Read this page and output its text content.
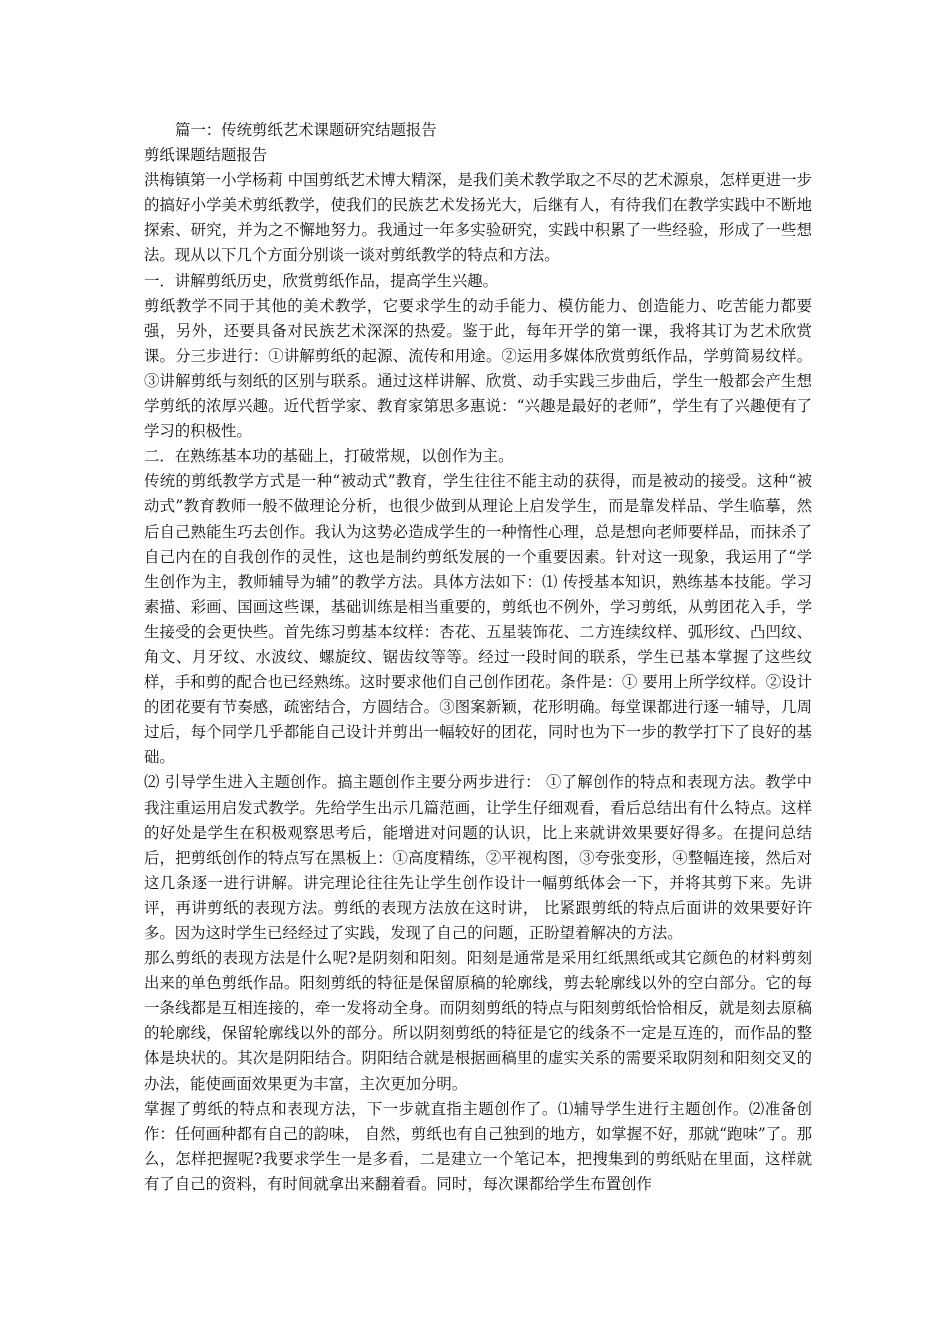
篇一：传统剪纸艺术课题研究结题报告

剪纸课题结题报告

洪梅镇第一小学杨莉 中国剪纸艺术博大精深，是我们美术教学取之不尽的艺术源泉，怎样更进一步的搞好小学美术剪纸教学，使我们的民族艺术发扬光大，后继有人，有待我们在教学实践中不断地探索、研究，并为之不懈地努力。我通过一年多实验研究，实践中积累了一些经验，形成了一些想法。现从以下几个方面分别谈一谈对剪纸教学的特点和方法。

一．讲解剪纸历史，欣赏剪纸作品，提高学生兴趣。

剪纸教学不同于其他的美术教学，它要求学生的动手能力、模仿能力、创造能力、吃苦能力都要强，另外，还要具备对民族艺术深深的热爱。鉴于此，每年开学的第一课，我将其订为艺术欣赏课。分三步进行：①讲解剪纸的起源、流传和用途。②运用多媒体欣赏剪纸作品，学剪简易纹样。③讲解剪纸与刻纸的区别与联系。通过这样讲解、欣赏、动手实践三步曲后，学生一般都会产生想学剪纸的浓厚兴趣。近代哲学家、教育家第思多惠说：“兴趣是最好的老师”，学生有了兴趣便有了学习的积极性。

二．在熟练基本功的基础上，打破常规，以创作为主。

传统的剪纸教学方式是一种“被动式”教育，学生往往不能主动的获得，而是被动的接受。这种“被动式”教育教师一般不做理论分析，也很少做到从理论上启发学生，而是靠发样品、学生临摹，然后自己熟能生巧去创作。我认为这势必造成学生的一种惰性心理，总是想向老师要样品，而抹杀了自己内在的自我创作的灵性，这也是制约剪纸发展的一个重要因素。针对这一现象，我运用了“学生创作为主，教师辅导为辅”的教学方法。具体方法如下：⑴ 传授基本知识，熟练基本技能。学习素描、彩画、国画这些课，基础训练是相当重要的，剪纸也不例外，学习剪纸，从剪团花入手，学生接受的会更快些。首先练习剪基本纹样：杏花、五星装饰花、二方连续纹样、弧形纹、凸凹纹、角文、月牙纹、水波纹、螺旋纹、锯齿纹等等。经过一段时间的联系，学生已基本掌握了这些纹样，手和剪的配合也已经熟练。这时要求他们自己创作团花。条件是：① 要用上所学纹样。②设计的团花要有节奏感，疏密结合，方圆结合。③图案新颖，花形明确。每堂课都进行逐一辅导，几周过后，每个同学几乎都能自己设计并剪出一幅较好的团花，同时也为下一步的教学打下了良好的基础。

⑵ 引导学生进入主题创作。搞主题创作主要分两步进行： ①了解创作的特点和表现方法。教学中我注重运用启发式教学。先给学生出示几篇范画，让学生仔细观看，看后总结出有什么特点。这样的好处是学生在积极观察思考后，能增进对问题的认识，比上来就讲效果要好得多。在提问总结后，把剪纸创作的特点写在黑板上：①高度精练，②平视构图，③夸张变形，④整幅连接，然后对这几条逐一进行讲解。讲完理论往往先让学生创作设计一幅剪纸体会一下，并将其剪下来。先讲评，再讲剪纸的表现方法。剪纸的表现方法放在这时讲， 比紧跟剪纸的特点后面讲的效果要好许多。因为这时学生已经经过了实践，发现了自己的问题，正盼望着解决的方法。

那么剪纸的表现方法是什么呢?是阴刻和阳刻。阳刻是通常是采用红纸黑纸或其它颜色的材料剪刻出来的单色剪纸作品。阳刻剪纸的特征是保留原稿的轮廓线，剪去轮廓线以外的空白部分。它的每一条线都是互相连接的，牵一发将动全身。而阴刻剪纸的特点与阳刻剪纸恰恰相反，就是刻去原稿的轮廓线，保留轮廓线以外的部分。所以阴刻剪纸的特征是它的线条不一定是互连的，而作品的整体是块状的。其次是阴阳结合。阴阳结合就是根据画稿里的虚实关系的需要采取阴刻和阳刻交叉的办法，能使画面效果更为丰富，主次更加分明。

掌握了剪纸的特点和表现方法，下一步就直指主题创作了。⑴辅导学生进行主题创作。⑵准备创作：任何画种都有自己的韵味， 自然，剪纸也有自己独到的地方，如掌握不好，那就“跑味”了。那么，怎样把握呢?我要求学生一是多看，二是建立一个笔记本，把搜集到的剪纸贴在里面，这样就有了自己的资料，有时间就拿出来翻着看。同时，每次课都给学生布置创作
